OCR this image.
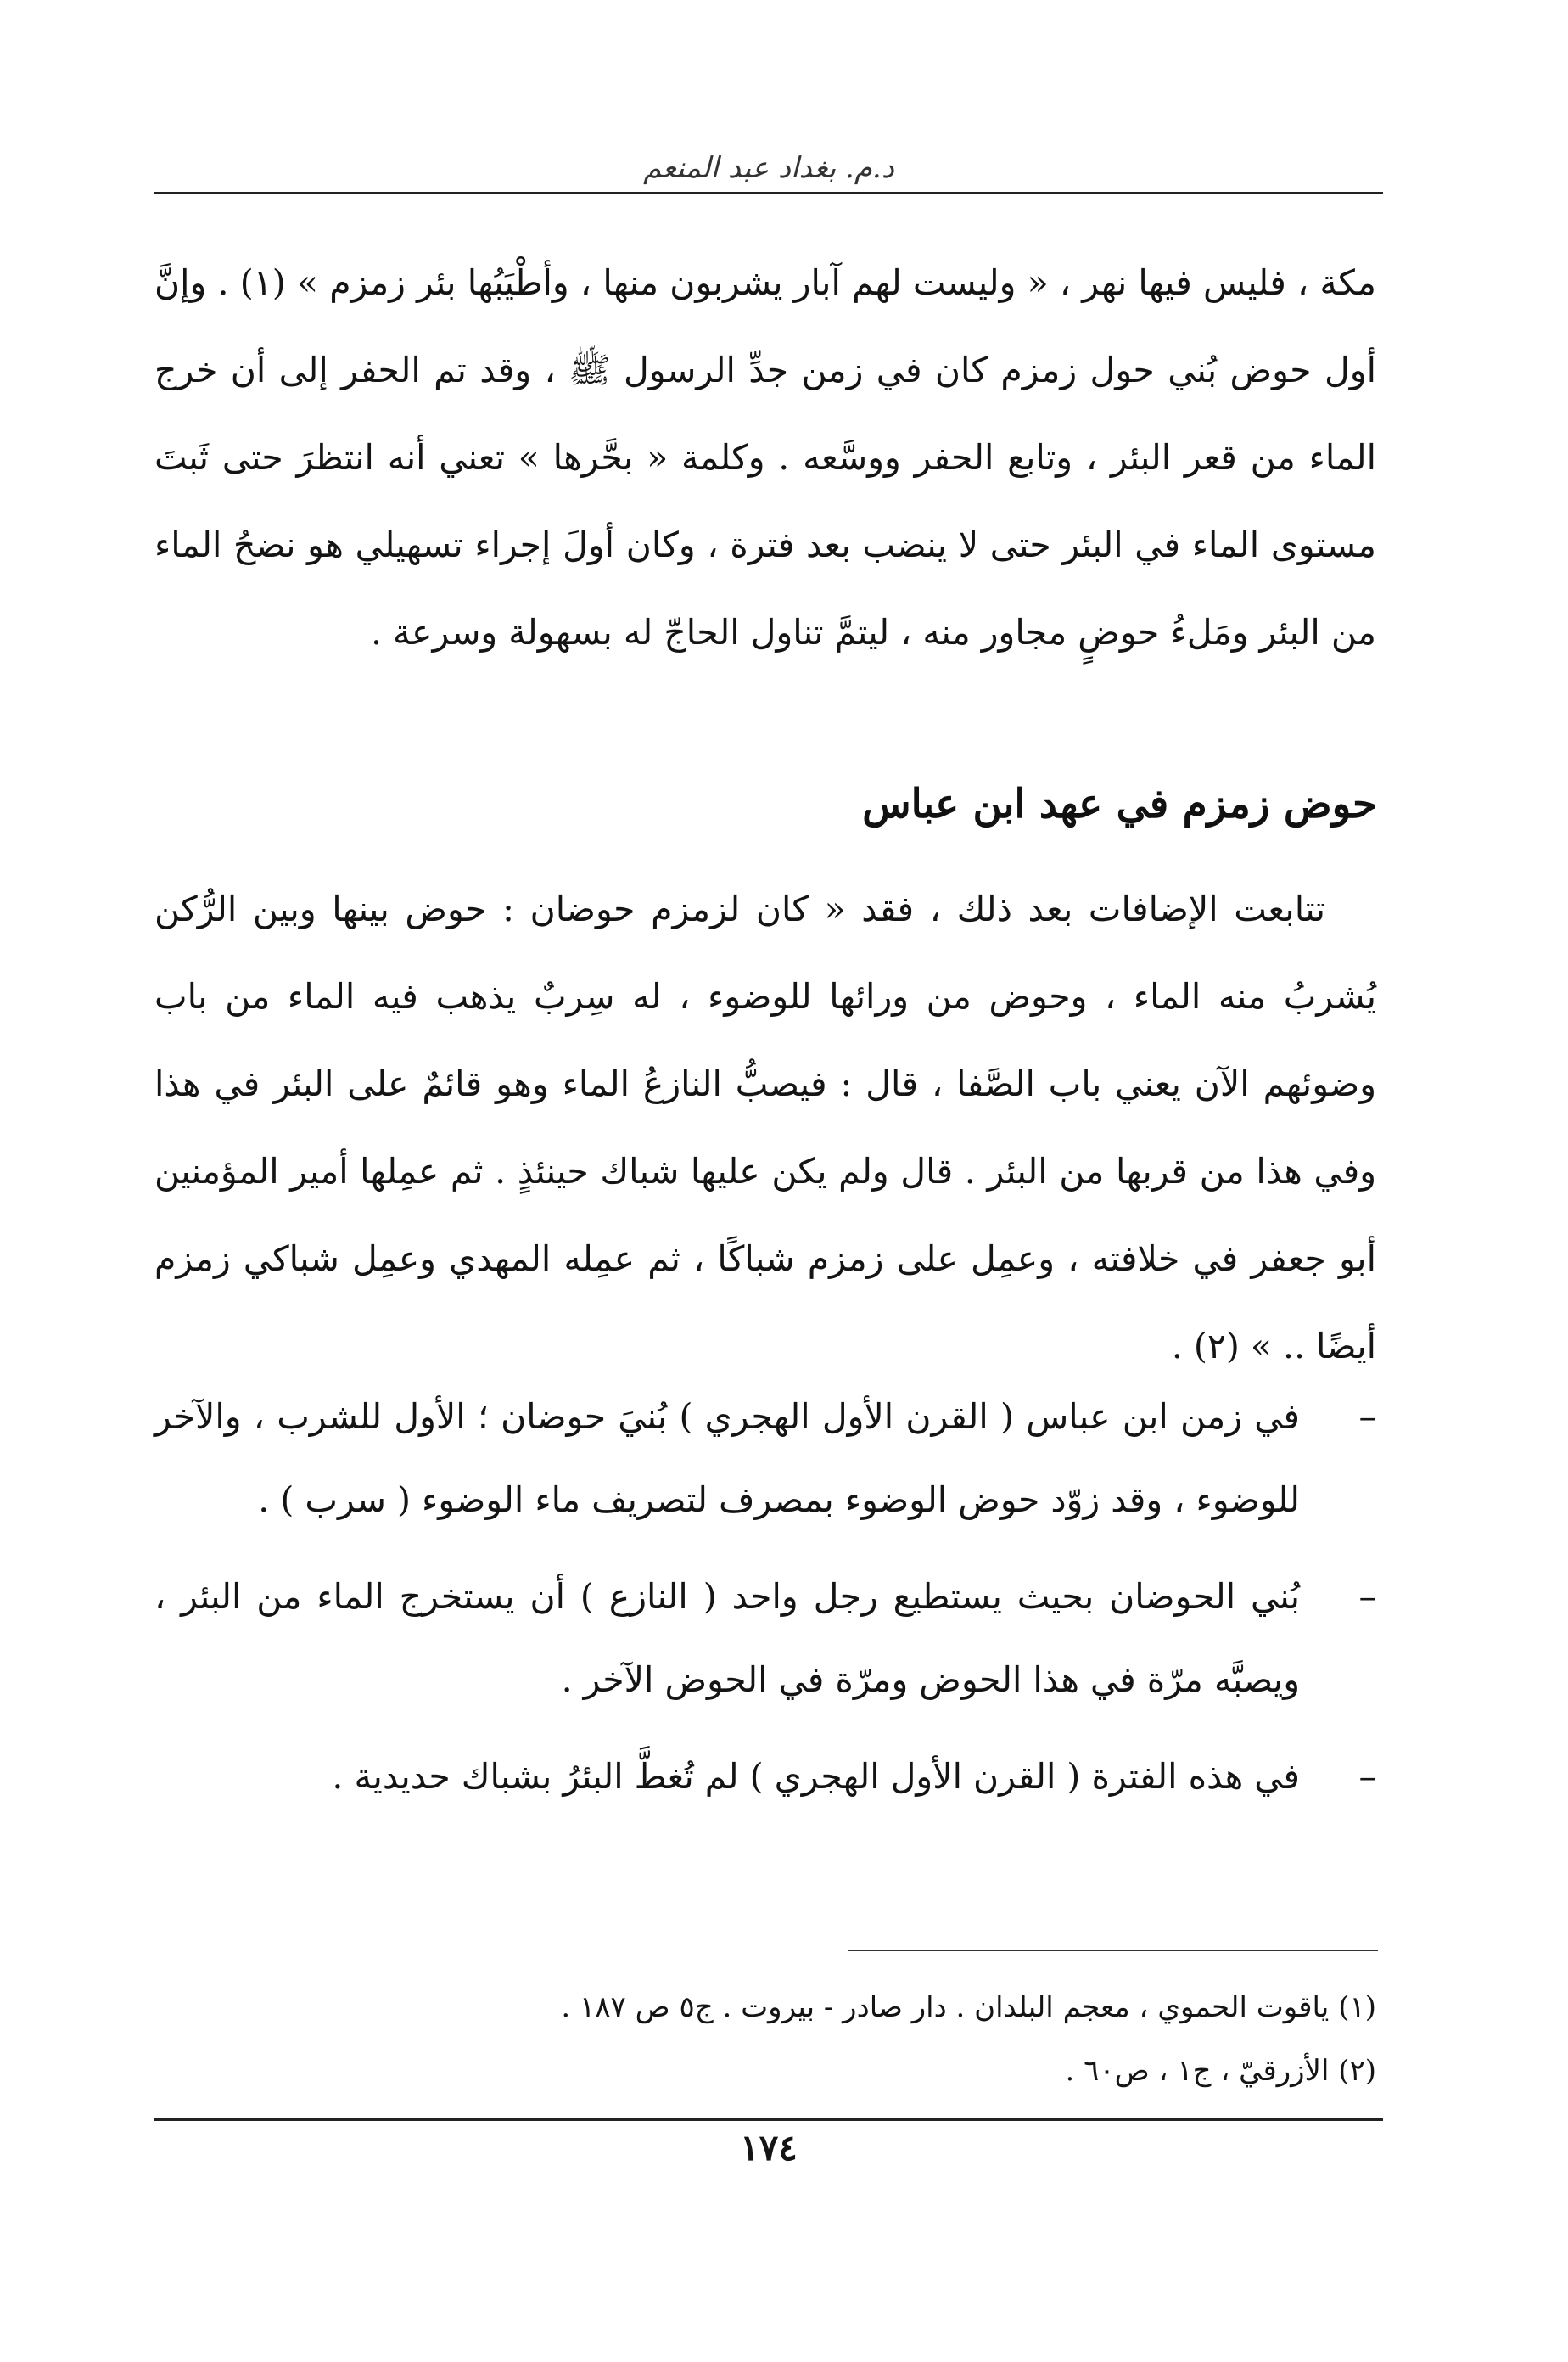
د.م. بغداد عبد المنعم
مكة ، فليس فيها نهر ، « وليست لهم آبار يشربون منها ، وأطْيَبُها بئر زمزم » (١) . وإنَّ أول حوض بُني حول زمزم كان في زمن جدِّ الرسول ﷺ ، وقد تم الحفر إلى أن خرج الماء من قعر البئر ، وتابع الحفر ووسَّعه . وكلمة « بحَّرها » تعني أنه انتظرَ حتى ثَبتَ مستوى الماء في البئر حتى لا ينضب بعد فترة ، وكان أولَ إجراء تسهيلي هو نضحُ الماء من البئر ومَلءُ حوضٍ مجاور منه ، ليتمَّ تناول الحاجّ له بسهولة وسرعة .
حوض زمزم في عهد ابن عباس
تتابعت الإضافات بعد ذلك ، فقد « كان لزمزم حوضان : حوض بينها وبين الرُّكن يُشربُ منه الماء ، وحوض من ورائها للوضوء ، له سِربٌ يذهب فيه الماء من باب وضوئهم الآن يعني باب الصَّفا ، قال : فيصبُّ النازعُ الماء وهو قائمٌ على البئر في هذا وفي هذا من قربها من البئر . قال ولم يكن عليها شباك حينئذٍ . ثم عمِلها أمير المؤمنين أبو جعفر في خلافته ، وعمِل على زمزم شباكًا ، ثم عمِله المهدي وعمِل شباكي زمزم أيضًا .. » (٢) .
–
في زمن ابن عباس ( القرن الأول الهجري ) بُنيَ حوضان ؛ الأول للشرب ، والآخر للوضوء ، وقد زوّد حوض الوضوء بمصرف لتصريف ماء الوضوء ( سرب ) .
–
بُني الحوضان بحيث يستطيع رجل واحد ( النازع ) أن يستخرج الماء من البئر ، ويصبَّه مرّة في هذا الحوض ومرّة في الحوض الآخر .
–
في هذه الفترة ( القرن الأول الهجري ) لم تُغطَّ البئرُ بشباك حديدية .
(١) ياقوت الحموي ، معجم البلدان . دار صادر - بيروت . ج٥ ص ١٨٧ .
(٢) الأزرقيّ ، ج١ ، ص٦٠ .
١٧٤
